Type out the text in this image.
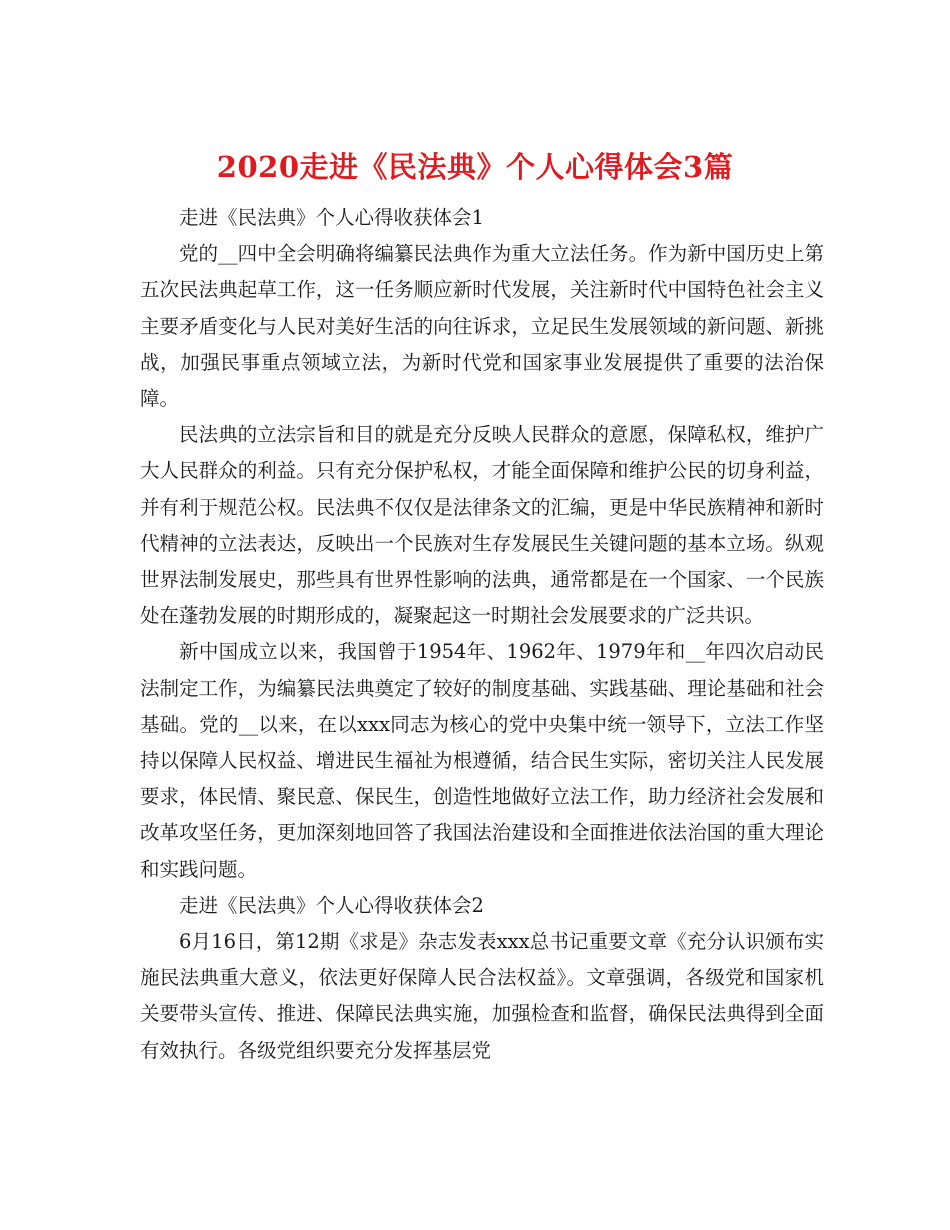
2020走进《民法典》个人心得体会3篇

走进《民法典》个人心得收获体会1

党的__四中全会明确将编纂民法典作为重大立法任务。作为新中国历史上第五次民法典起草工作，这一任务顺应新时代发展，关注新时代中国特色社会主义主要矛盾变化与人民对美好生活的向往诉求，立足民生发展领域的新问题、新挑战，加强民事重点领域立法，为新时代党和国家事业发展提供了重要的法治保障。

民法典的立法宗旨和目的就是充分反映人民群众的意愿，保障私权，维护广大人民群众的利益。只有充分保护私权，才能全面保障和维护公民的切身利益，并有利于规范公权。民法典不仅仅是法律条文的汇编，更是中华民族精神和新时代精神的立法表达，反映出一个民族对生存发展民生关键问题的基本立场。纵观世界法制发展史，那些具有世界性影响的法典，通常都是在一个国家、一个民族处在蓬勃发展的时期形成的，凝聚起这一时期社会发展要求的广泛共识。

新中国成立以来，我国曾于1954年、1962年、1979年和__年四次启动民法制定工作，为编纂民法典奠定了较好的制度基础、实践基础、理论基础和社会基础。党的__以来，在以xxx同志为核心的党中央集中统一领导下，立法工作坚持以保障人民权益、增进民生福祉为根遵循，结合民生实际，密切关注人民发展要求，体民情、聚民意、保民生，创造性地做好立法工作，助力经济社会发展和改革攻坚任务，更加深刻地回答了我国法治建设和全面推进依法治国的重大理论和实践问题。

走进《民法典》个人心得收获体会2

6月16日，第12期《求是》杂志发表xxx总书记重要文章《充分认识颁布实施民法典重大意义，依法更好保障人民合法权益》。文章强调，各级党和国家机关要带头宣传、推进、保障民法典实施，加强检查和监督，确保民法典得到全面有效执行。各级党组织要充分发挥基层党
